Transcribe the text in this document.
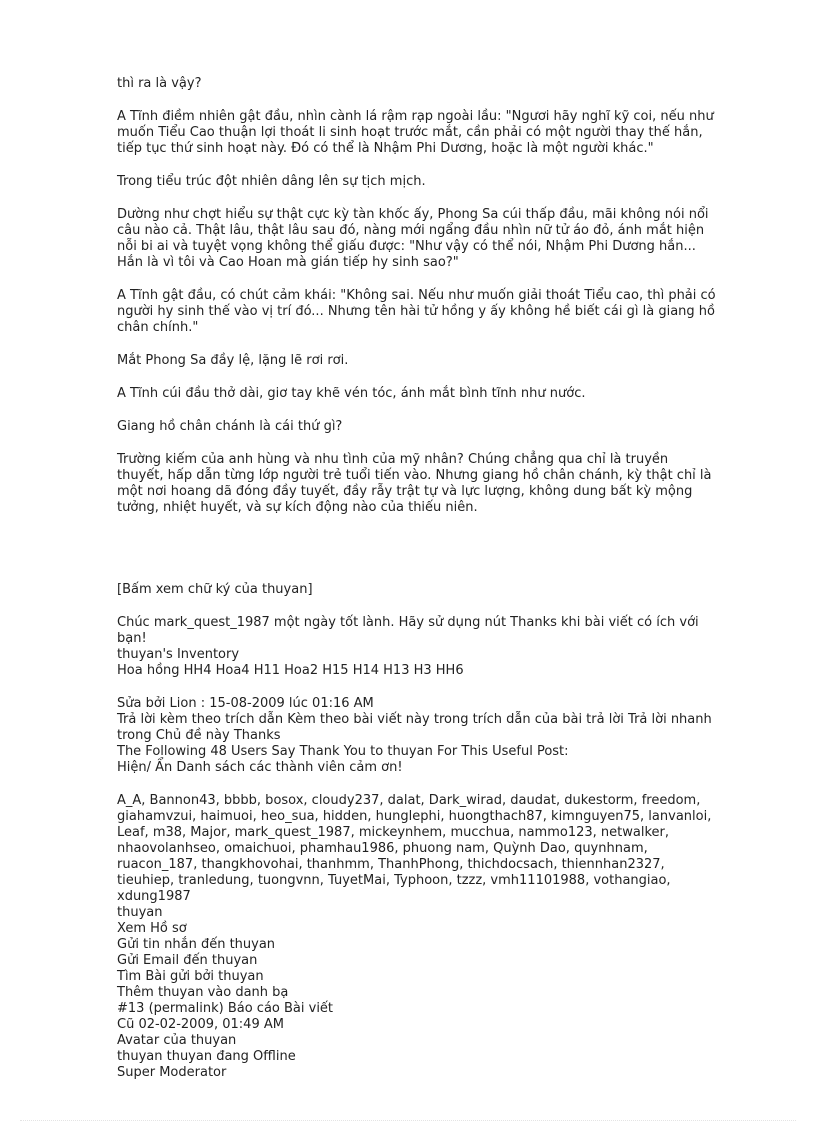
thì ra là vậy?

A Tĩnh điềm nhiên gật đầu, nhìn cành lá rậm rạp ngoài lầu: "Ngươi hãy nghĩ kỹ coi, nếu như
muốn Tiểu Cao thuận lợi thoát li sinh hoạt trước mắt, cần phải có một người thay thế hắn,
tiếp tục thứ sinh hoạt này. Đó có thể là Nhậm Phi Dương, hoặc là một người khác."

Trong tiểu trúc đột nhiên dâng lên sự tịch mịch.

Dường như chợt hiểu sự thật cực kỳ tàn khốc ấy, Phong Sa cúi thấp đầu, mãi không nói nổi
câu nào cả. Thật lâu, thật lâu sau đó, nàng mới ngẩng đầu nhìn nữ tử áo đỏ, ánh mắt hiện
nỗi bi ai và tuyệt vọng không thể giấu được: "Như vậy có thể nói, Nhậm Phi Dương hắn...
Hắn là vì tôi và Cao Hoan mà gián tiếp hy sinh sao?"

A Tĩnh gật đầu, có chút cảm khái: "Không sai. Nếu như muốn giải thoát Tiểu cao, thì phải có
người hy sinh thế vào vị trí đó... Nhưng tên hài tử hồng y ấy không hề biết cái gì là giang hồ
chân chính."

Mắt Phong Sa đầy lệ, lặng lẽ rơi rơi.

A Tĩnh cúi đầu thở dài, giơ tay khẽ vén tóc, ánh mắt bình tĩnh như nước.

Giang hồ chân chánh là cái thứ gì?

Trường kiếm của anh hùng và nhu tình của mỹ nhân? Chúng chẳng qua chỉ là truyền
thuyết, hấp dẫn từng lớp người trẻ tuổi tiến vào. Nhưng giang hồ chân chánh, kỳ thật chỉ là
một nơi hoang dã đóng đầy tuyết, đầy rẫy trật tự và lực lượng, không dung bất kỳ mộng
tưởng, nhiệt huyết, và sự kích động nào của thiếu niên.

[Bấm xem chữ ký của thuyan]
Chúc mark_quest_1987 một ngày tốt lành. Hãy sử dụng nút Thanks khi bài viết có ích với
bạn!
thuyan's Inventory
Hoa hồng HH4 Hoa4 H11 Hoa2 H15 H14 H13 H3 HH6
Sửa bởi Lion : 15-08-2009 lúc 01:16 AM
Trả lời kèm theo trích dẫn Kèm theo bài viết này trong trích dẫn của bài trả lời Trả lời nhanh
trong Chủ đề này Thanks
The Following 48 Users Say Thank You to thuyan For This Useful Post:
Hiện/ Ẩn Danh sách các thành viên cảm ơn!
A_A, Bannon43, bbbb, bosox, cloudy237, dalat, Dark_wirad, daudat, dukestorm, freedom,
giahamvzui, haimuoi, heo_sua, hidden, hunglephi, huongthach87, kimnguyen75, lanvanloi,
Leaf, m38, Major, mark_quest_1987, mickeynhem, mucchua, nammo123, netwalker,
nhaovolanhseo, omaichuoi, phamhau1986, phuong nam, Quỳnh Dao, quynhnam,
ruacon_187, thangkhovohai, thanhmm, ThanhPhong, thichdocsach, thiennhan2327,
tieuhiep, tranledung, tuongvnn, TuyetMai, Typhoon, tzzz, vmh11101988, vothangiao,
xdung1987
thuyan
Xem Hồ sơ
Gửi tin nhắn đến thuyan
Gửi Email đến thuyan
Tìm Bài gửi bởi thuyan
Thêm thuyan vào danh bạ
#13 (permalink) Báo cáo Bài viết
Cũ 02-02-2009, 01:49 AM
Avatar của thuyan
thuyan thuyan đang Offline
Super Moderator
